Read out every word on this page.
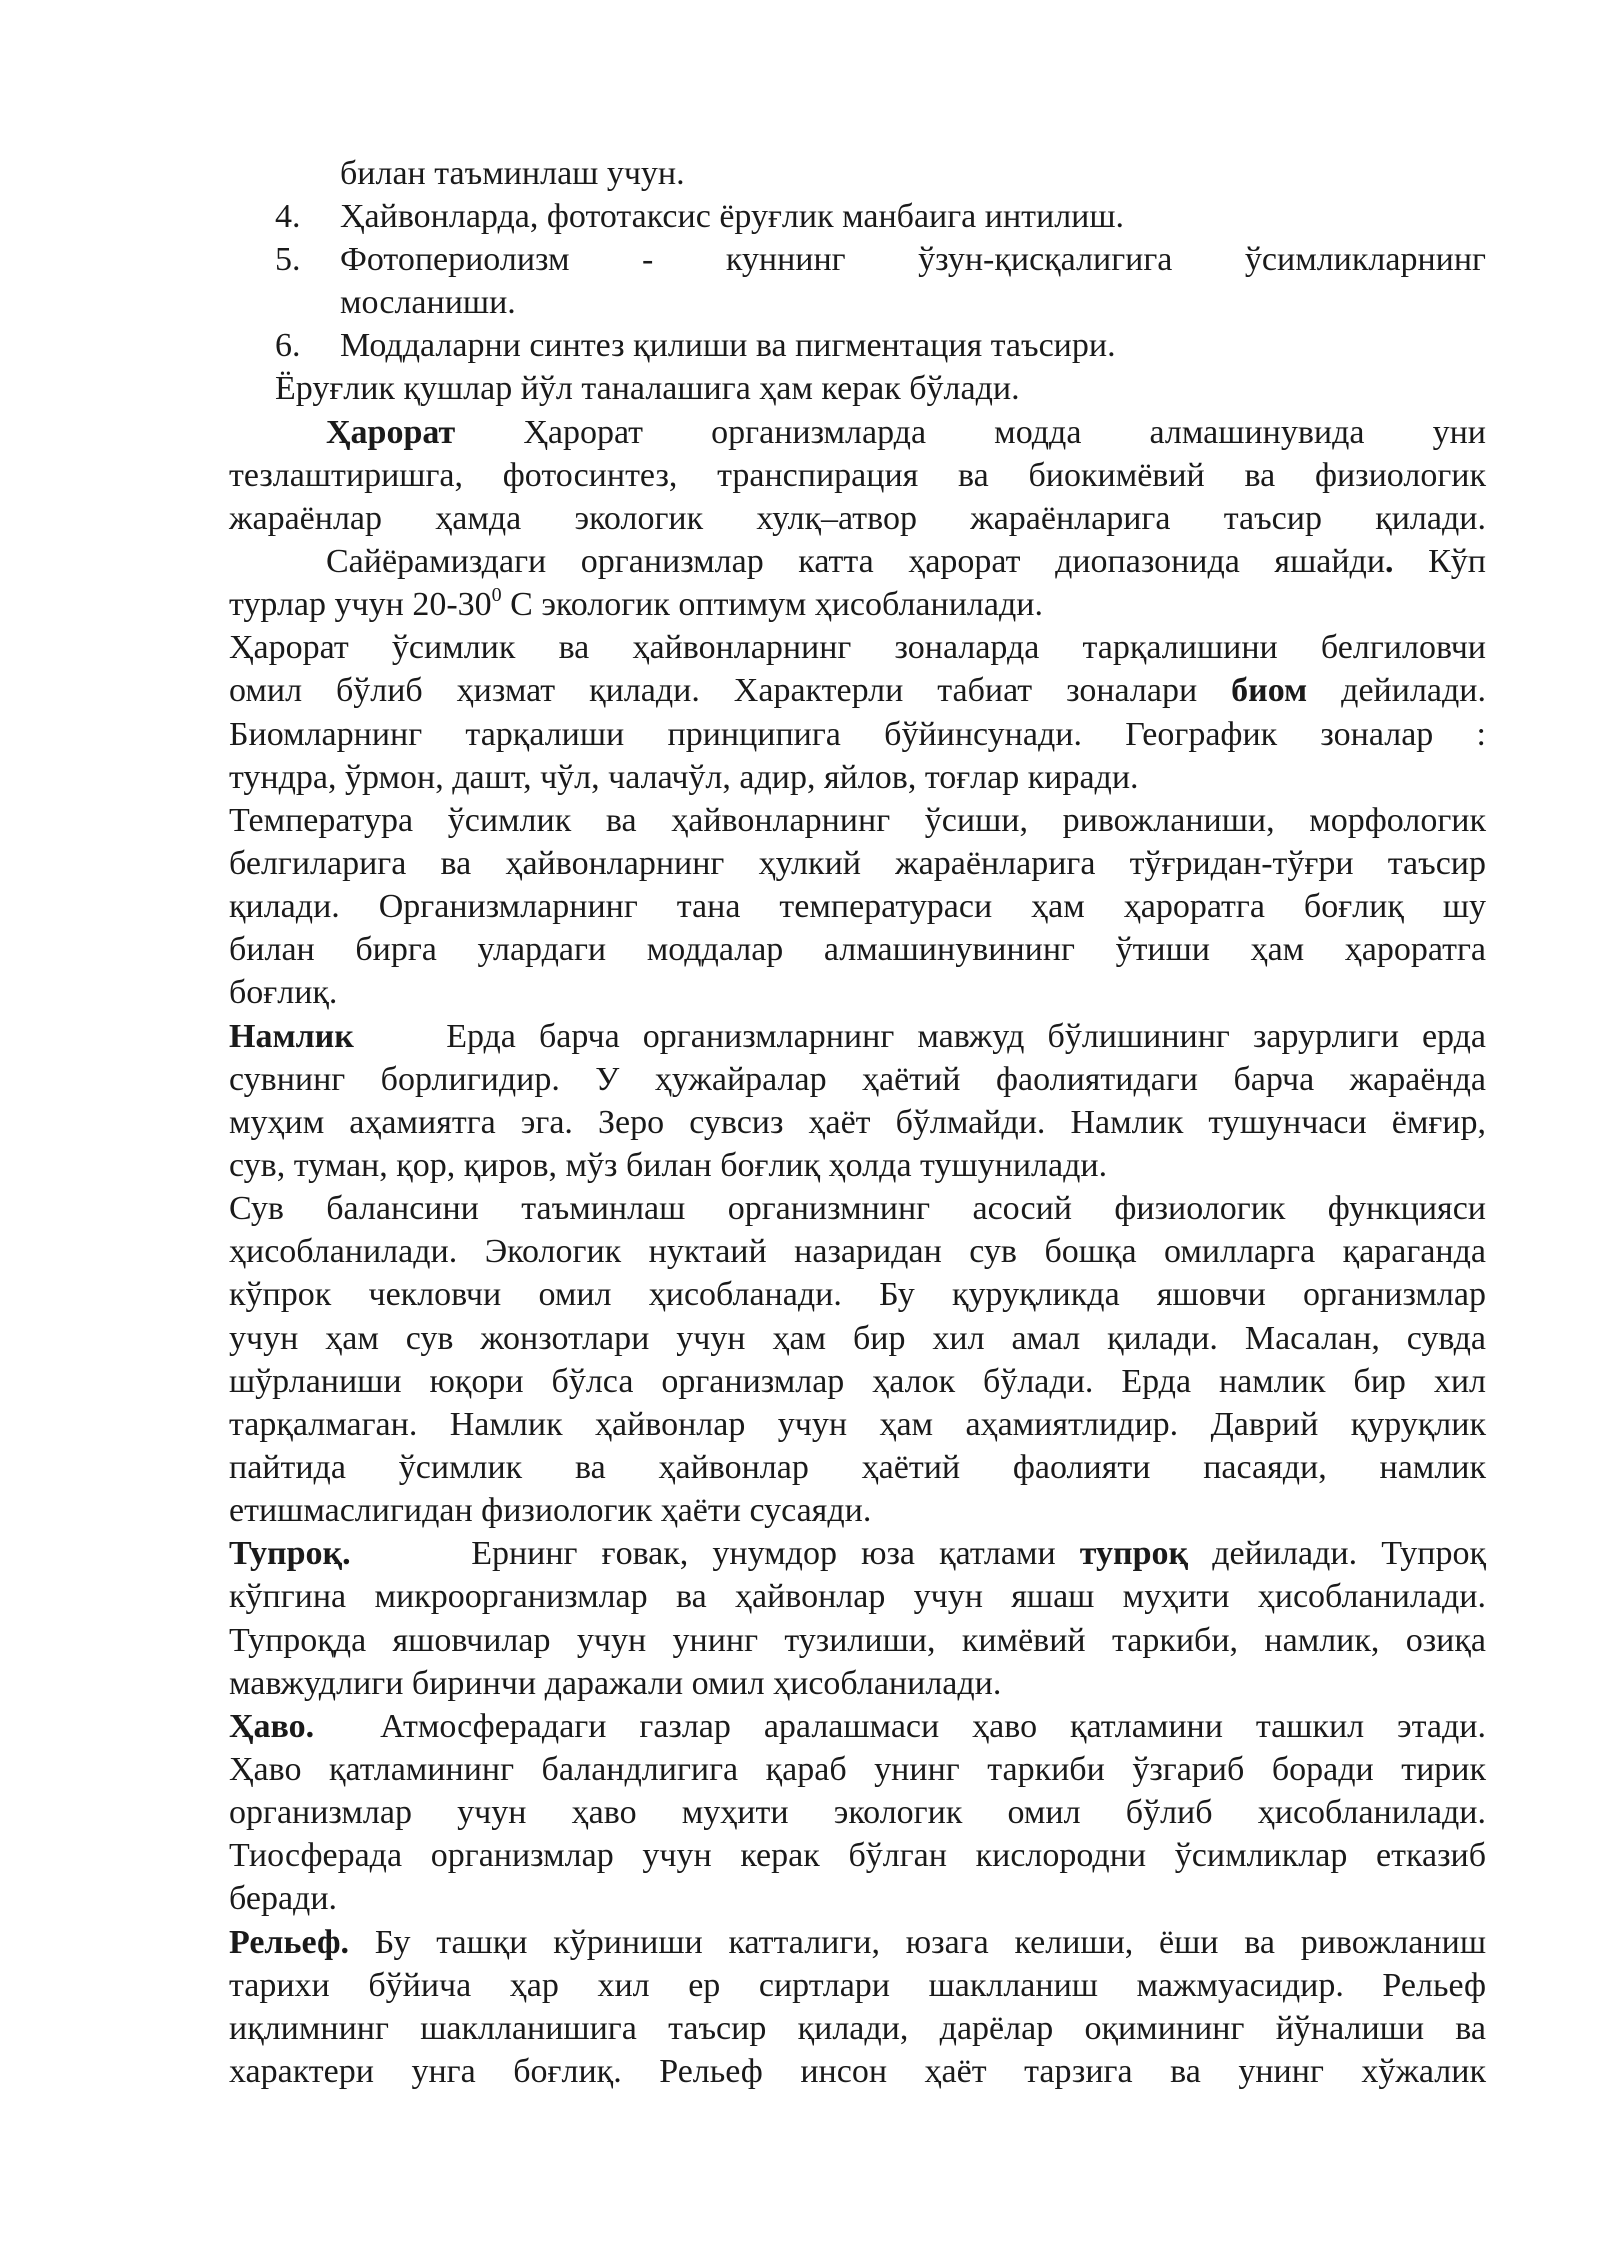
билан таъминлаш учун.
4. Ҳайвонларда, фототаксис ёруғлик манбаига интилиш.
5. Фотопериолизм - куннинг ўзун-қисқалигига ўсимликларнинг
мосланиши.
6. Моддаларни синтез қилиши ва пигментация таъсири.
Ёруғлик қушлар йўл таналашига ҳам керак бўлади.
Ҳарорат Ҳарорат организмларда модда алмашинувида уни
тезлаштиришга, фотосинтез, транспирация ва биокимёвий ва физиологик
жараёнлар ҳамда экологик хулқ–атвор жараёнларига таъсир қилади.
Сайёрамиздаги организмлар катта ҳарорат диопазонида яшайди. Кўп
турлар учун $20-30^0$ С экологик оптимум ҳисобланилади.
Ҳарорат ўсимлик ва ҳайвонларнинг зоналарда тарқалишини белгиловчи
омил бўлиб ҳизмат қилади. Характерли табиат зоналари биом дейилади.
Биомларнинг тарқалиши принципига бўйинсунади. Географик зоналар :
тундра, ўрмон, дашт, чўл, чалачўл, адир, яйлов, тоғлар киради.
Температура ўсимлик ва ҳайвонларнинг ўсиши, ривожланиши, морфологик
белгиларига ва ҳайвонларнинг ҳулкий жараёнларига тўғридан-тўғри таъсир
қилади. Организмларнинг тана температураси ҳам ҳароратга боғлиқ шу
билан бирга улардаги моддалар алмашинувининг ўтиши ҳам ҳароратга
боғлиқ.
Намлик	Ерда барча организмларнинг мавжуд бўлишининг зарурлиги ерда
сувнинг борлигидир. У ҳужайралар ҳаётий фаолиятидаги барча жараёнда
муҳим аҳамиятга эга. Зеро сувсиз ҳаёт бўлмайди. Намлик тушунчаси ёмғир,
сув, туман, қор, қиров, мўз билан боғлиқ ҳолда тушунилади.
Сув балансини таъминлаш организмнинг асосий физиологик функцияси
ҳисобланилади. Экологик нуктаий назаридан сув бошқа омилларга қараганда
кўпрок чекловчи омил ҳисобланади. Бу қуруқликда яшовчи организмлар
учун ҳам сув жонзотлари учун ҳам бир хил амал қилади. Масалан, сувда
шўрланиши юқори бўлса организмлар ҳалок бўлади. Ерда намлик бир хил
тарқалмаган. Намлик ҳайвонлар учун ҳам аҳамиятлидир. Даврий қуруқлик
пайтида ўсимлик ва ҳайвонлар ҳаётий фаолияти пасаяди, намлик
етишмаслигидан физиологик ҳаёти сусаяди.
Тупроқ.	Ернинг ғовак, унумдор юза қатлами тупроқ дейилади. Тупроқ
кўпгина микроорганизмлар ва ҳайвонлар учун яшаш муҳити ҳисобланилади.
Тупроқда яшовчилар учун унинг тузилиши, кимёвий таркиби, намлик, озиқа
мавжудлиги биринчи даражали омил ҳисобланилади.
Ҳаво. Атмосферадаги газлар аралашмаси ҳаво қатламини ташкил этади.
Ҳаво қатламининг баландлигига қараб унинг таркиби ўзгариб боради тирик
организмлар учун ҳаво муҳити экологик омил бўлиб ҳисобланилади.
Тиосферада организмлар учун керак бўлган кислородни ўсимликлар етказиб
беради.
Рельеф. Бу ташқи кўриниши катталиги, юзага келиши, ёши ва ривожланиш
тарихи бўйича ҳар хил ер сиртлари шаклланиш мажмуасидир. Рельеф
иқлимнинг шаклланишига таъсир қилади, дарёлар оқимининг йўналиши ва
характери унга боғлиқ. Рельеф инсон ҳаёт тарзига ва унинг хўжалик
